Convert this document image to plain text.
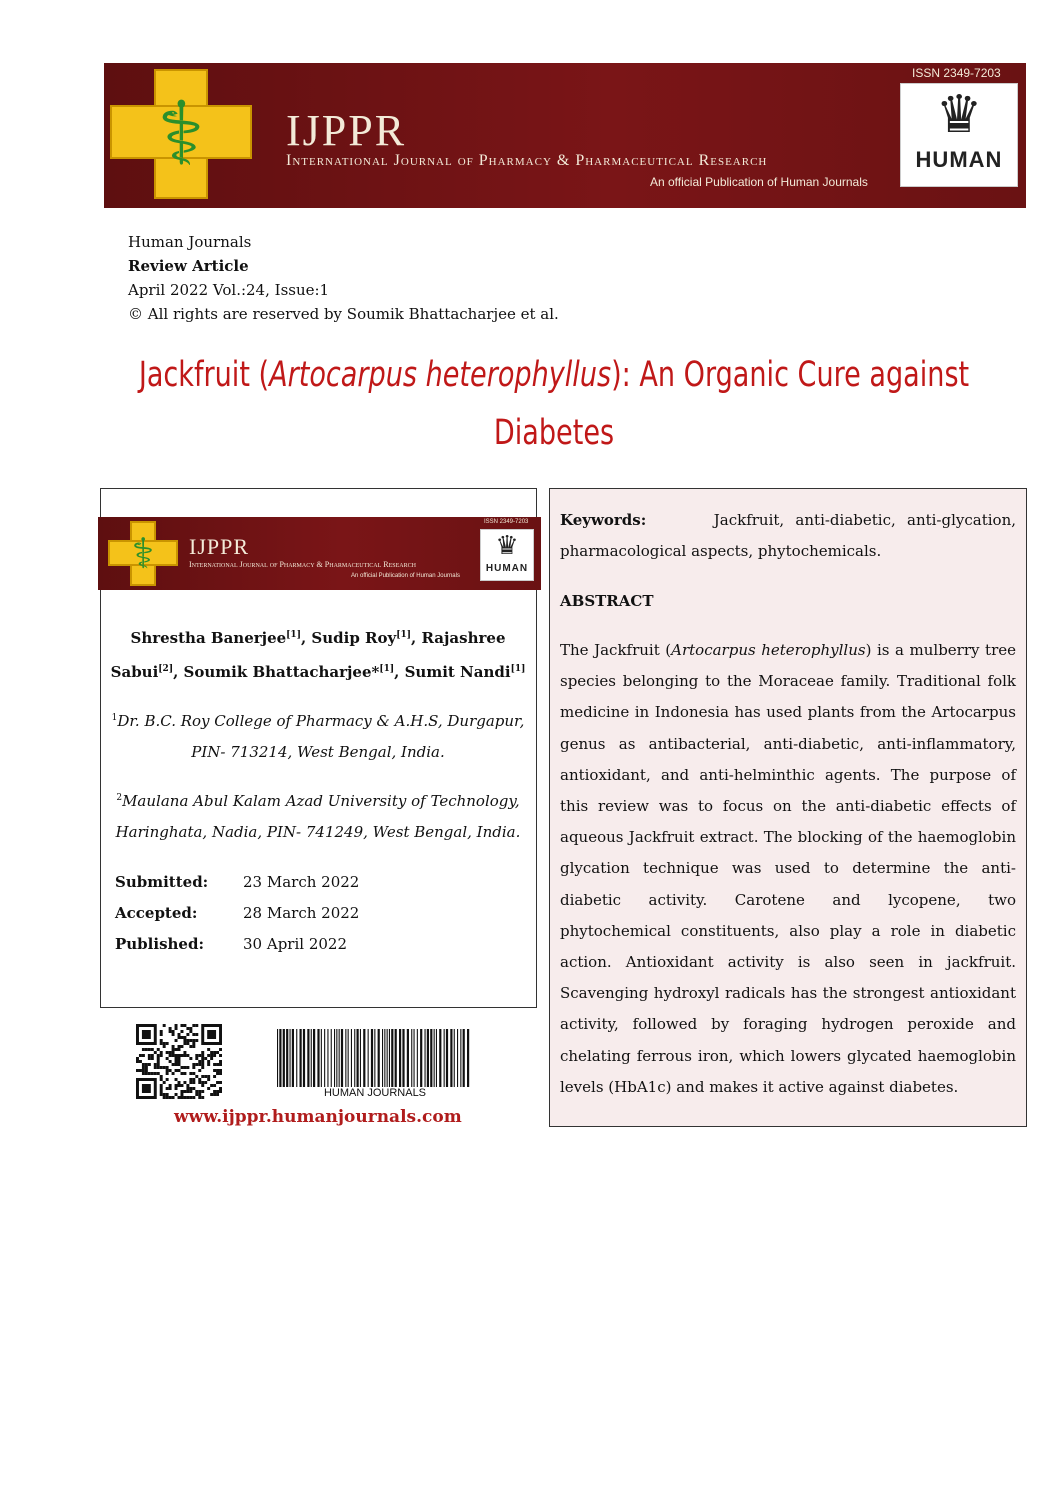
⚕	IJPPR
International Journal of Pharmacy & Pharmaceutical Research
An official Publication of Human Journals
ISSN 2349-7203
♛
HUMAN
Human Journals
Review Article
April 2022 Vol.:24, Issue:1
© All rights are reserved by Soumik Bhattacharjee et al.
Jackfruit (Artocarpus heterophyllus): An Organic Cure against Diabetes
⚕	IJPPR
International Journal of Pharmacy & Pharmaceutical Research
An official Publication of Human Journals
ISSN 2349-7203
♛
HUMAN
Shrestha Banerjee[1], Sudip Roy[1], Rajashree Sabui[2], Soumik Bhattacharjee*[1], Sumit Nandi[1]
$^1$Dr. B.C. Roy College of Pharmacy & A.H.S, Durgapur, PIN- 713214, West Bengal, India.
$^2$Maulana Abul Kalam Azad University of Technology, Haringhata, Nadia, PIN- 741249, West Bengal, India.
Submitted:	23 March 2022
Accepted:	28 March 2022
Published:	30 April 2022
HUMAN JOURNALS
www.ijppr.humanjournals.com
Keywords:	Jackfruit, anti-diabetic, anti-glycation, pharmacological aspects, phytochemicals.
ABSTRACT
The Jackfruit (Artocarpus heterophyllus) is a mulberry tree species belonging to the Moraceae family. Traditional folk medicine in Indonesia has used plants from the Artocarpus genus as antibacterial, anti-diabetic, anti-inflammatory, antioxidant, and anti-helminthic agents. The purpose of this review was to focus on the anti-diabetic effects of aqueous Jackfruit extract. The blocking of the haemoglobin glycation technique was used to determine the anti-diabetic activity. Carotene and lycopene, two phytochemical constituents, also play a role in diabetic action. Antioxidant activity is also seen in jackfruit. Scavenging hydroxyl radicals has the strongest antioxidant activity, followed by foraging hydrogen peroxide and chelating ferrous iron, which lowers glycated haemoglobin levels (HbA1c) and makes it active against diabetes.
